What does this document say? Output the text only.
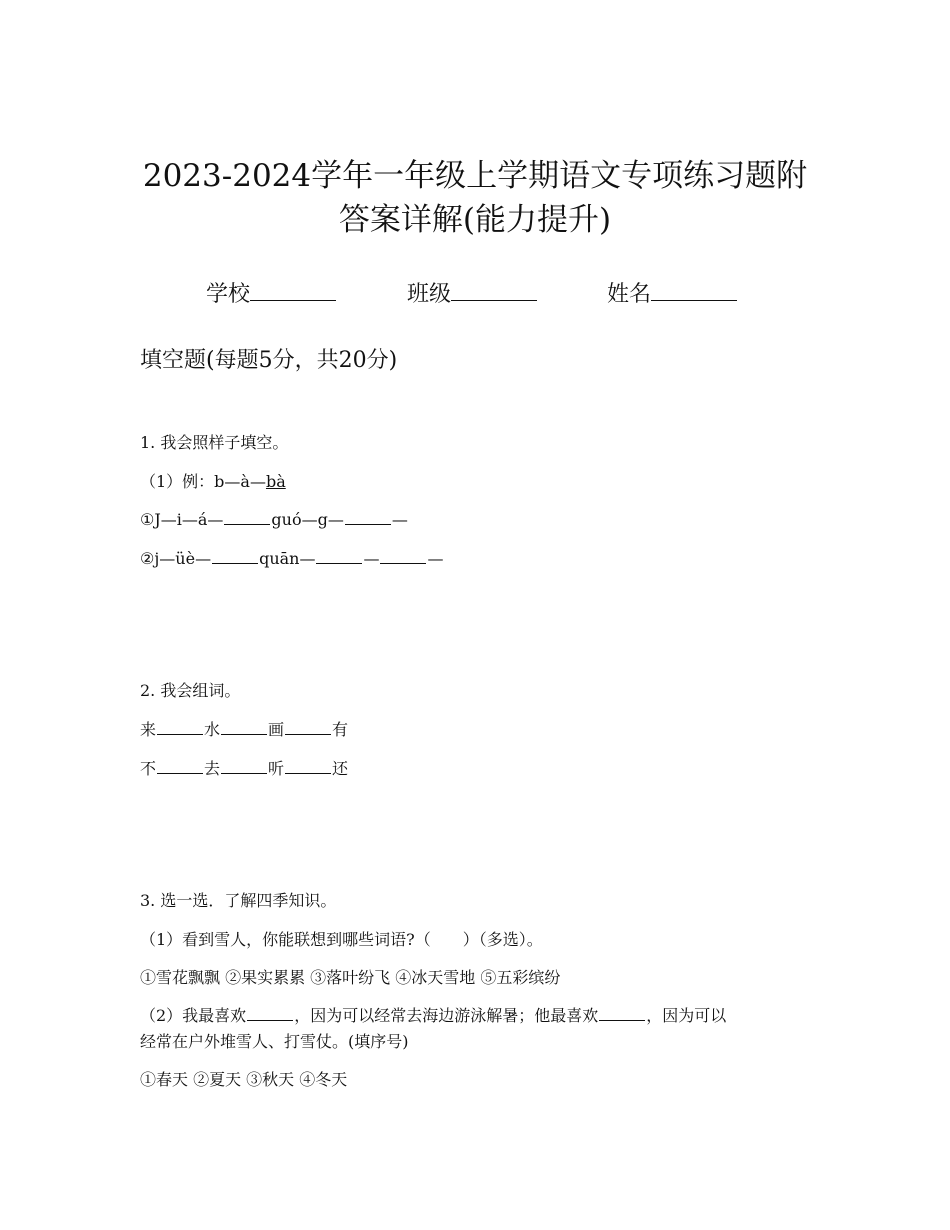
2023-2024学年一年级上学期语文专项练习题附
答案详解(能力提升)
学校	班级	姓名
填空题(每题5分，共20分)
1. 我会照样子填空。
（1）例：b—à—bà
①J—i—á—	guó—g—	—
②j—üè—	quān—	—	—
2. 我会组词。
来	水	画	有
不	去	听	还
3. 选一选．了解四季知识。
（1）看到雪人，你能联想到哪些词语?（　　）（多选）。
①雪花飘飘 ②果实累累 ③落叶纷飞 ④冰天雪地 ⑤五彩缤纷
（2）我最喜欢	，因为可以经常去海边游泳解暑；他最喜欢	，因为可以
经常在户外堆雪人、打雪仗。(填序号)
①春天 ②夏天 ③秋天 ④冬天
